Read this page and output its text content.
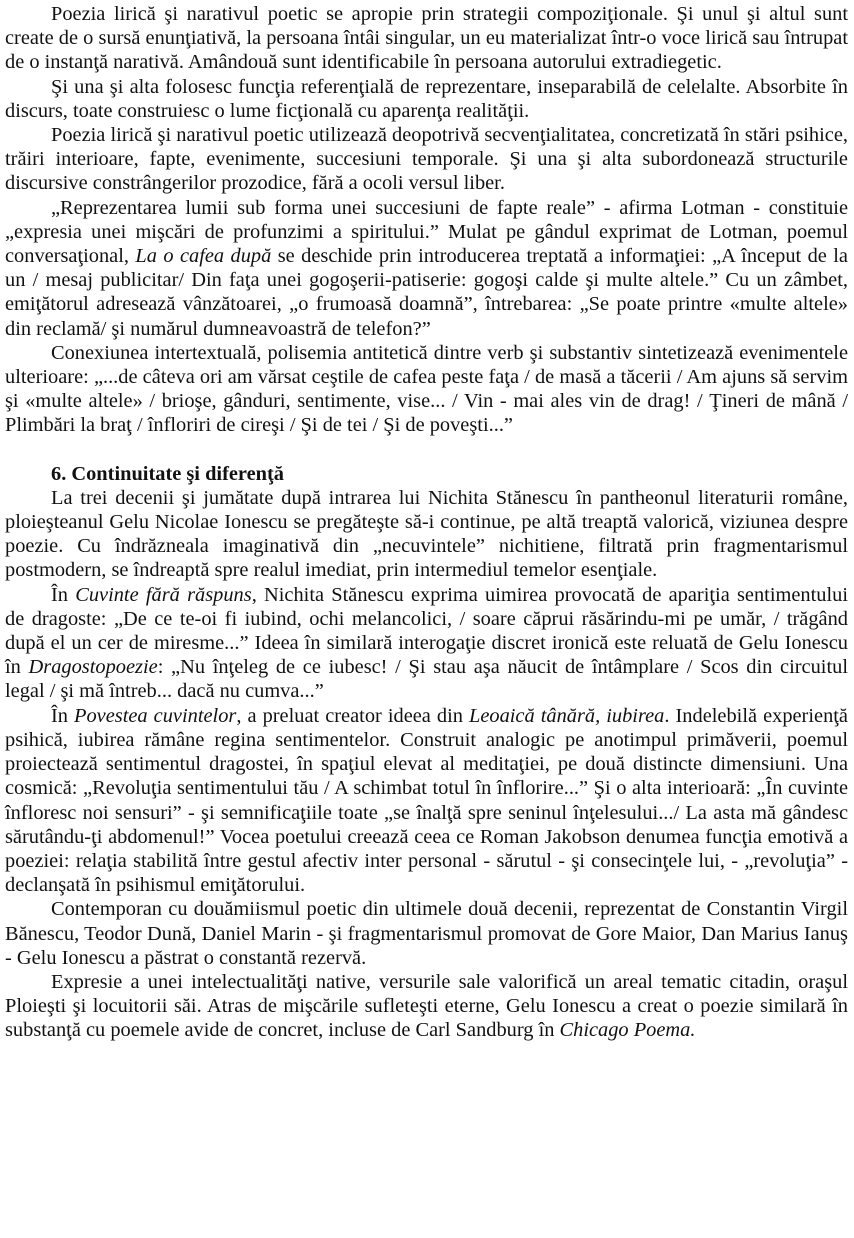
Poezia lirică şi narativul poetic se apropie prin strategii compoziţionale. Şi unul şi altul sunt create de o sursă enunţiativă, la persoana întâi singular, un eu materializat într-o voce lirică sau întrupat de o instanţă narativă. Amândouă sunt identificabile în persoana autorului extradiegetic.

Şi una şi alta folosesc funcţia referenţială de reprezentare, inseparabilă de celelalte. Absorbite în discurs, toate construiesc o lume ficţională cu aparenţa realităţii.

Poezia lirică şi narativul poetic utilizează deopotrivă secvenţialitatea, concretizată în stări psihice, trăiri interioare, fapte, evenimente, succesiuni temporale. Şi una şi alta subordonează structurile discursive constrângerilor prozodice, fără a ocoli versul liber.

„Reprezentarea lumii sub forma unei succesiuni de fapte reale” - afirma Lotman - constituie „expresia unei mişcări de profunzimi a spiritului.” Mulat pe gândul exprimat de Lotman, poemul conversaţional, La o cafea după se deschide prin introducerea treptată a informaţiei: „A început de la un / mesaj publicitar/ Din faţa unei gogoşerii-patiserie: gogoşi calde şi multe altele.” Cu un zâmbet, emiţătorul adresează vânzătoarei, „o frumoasă doamnă”, întrebarea: „Se poate printre «multe altele» din reclamă/ şi numărul dumneavoastră de telefon?”

Conexiunea intertextuală, polisemia antitetică dintre verb şi substantiv sintetizează evenimentele ulterioare: „...de câteva ori am vărsat ceştile de cafea peste faţa / de masă a tăcerii / Am ajuns să servim şi «multe altele» / brioşe, gânduri, sentimente, vise... / Vin - mai ales vin de drag! / Ţineri de mână / Plimbări la braţ / înfloriri de cireşi / Şi de tei / Şi de poveşti...”

6. Continuitate şi diferenţă

La trei decenii şi jumătate după intrarea lui Nichita Stănescu în pantheonul literaturii române, ploieşteanul Gelu Nicolae Ionescu se pregăteşte să-i continue, pe altă treaptă valorică, viziunea despre poezie. Cu îndrăzneala imaginativă din „necuvintele” nichitiene, filtrată prin fragmentarismul postmodern, se îndreaptă spre realul imediat, prin intermediul temelor esenţiale.

În Cuvinte fără răspuns, Nichita Stănescu exprima uimirea provocată de apariţia sentimentului de dragoste: „De ce te-oi fi iubind, ochi melancolici, / soare căprui răsărindu-mi pe umăr, / trăgând după el un cer de miresme...” Ideea în similară interogaţie discret ironică este reluată de Gelu Ionescu în Dragostopoezie: „Nu înţeleg de ce iubesc! / Şi stau aşa năucit de întâmplare / Scos din circuitul legal / şi mă întreb... dacă nu cumva...”

În Povestea cuvintelor, a preluat creator ideea din Leoaică tânără, iubirea. Indelebilă experienţă psihică, iubirea rămâne regina sentimentelor. Construit analogic pe anotimpul primăverii, poemul proiectează sentimentul dragostei, în spaţiul elevat al meditaţiei, pe două distincte dimensiuni. Una cosmică: „Revoluţia sentimentului tău / A schimbat totul în înflorire...” Şi o alta interioară: „În cuvinte înfloresc noi sensuri” - şi semnificaţiile toate „se înalţă spre seninul înţelesului.../ La asta mă gândesc sărutându-ţi abdomenul!” Vocea poetului creează ceea ce Roman Jakobson denumea funcţia emotivă a poeziei: relaţia stabilită între gestul afectiv inter personal - sărutul - şi consecinţele lui, - „revoluţia” - declanşată în psihismul emiţătorului.

Contemporan cu douămiismul poetic din ultimele două decenii, reprezentat de Constantin Virgil Bănescu, Teodor Dună, Daniel Marin - şi fragmentarismul promovat de Gore Maior, Dan Marius Ianuş - Gelu Ionescu a păstrat o constantă rezervă.

Expresie a unei intelectualităţi native, versurile sale valorifică un areal tematic citadin, oraşul Ploieşti şi locuitorii săi. Atras de mişcările sufleteşti eterne, Gelu Ionescu a creat o poezie similară în substanţă cu poemele avide de concret, incluse de Carl Sandburg în Chicago Poema.
